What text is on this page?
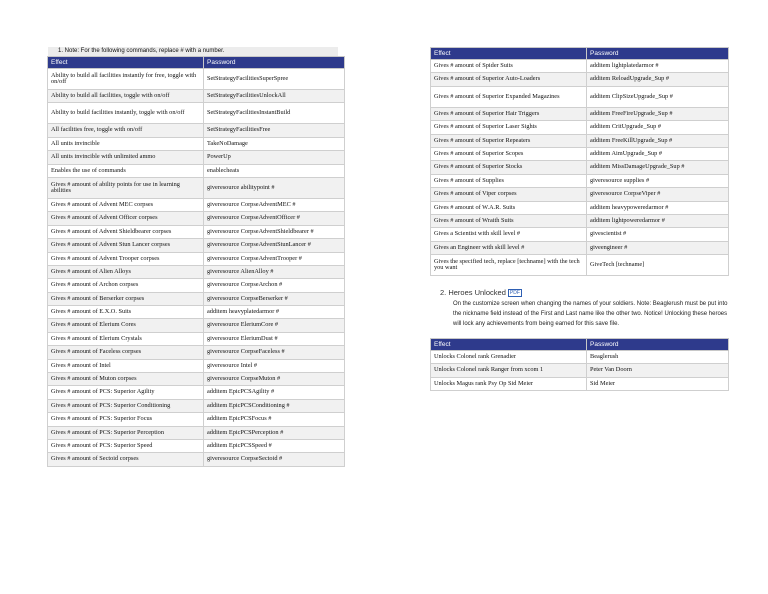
1. Note: For the following commands, replace # with a number.
Effect	Password
Ability to build all facilities instantly for free, toggle with on/off	SetStrategyFacilitiesSuperSpree
Ability to build all facilities, toggle with on/off	SetStrategyFacilitiesUnlockAll
Ability to build facilities instantly, toggle with on/off	SetStrategyFacilitiesInstantBuild
All facilities free, toggle with on/off	SetStrategyFacilitiesFree
All units invincible	TakeNoDamage
All units invincible with unlimited ammo	PowerUp
Enables the use of commands	enablecheats
Gives # amount of ability points for use in learning abilities	giveresource abilitypoint #
Gives # amount of Advent MEC corpses	giveresource CorpseAdventMEC #
Gives # amount of Advent Officer corpses	giveresource CorpseAdventOfficer #
Gives # amount of Advent Shieldbearer corpses	giveresource CorpseAdventShieldbearer #
Gives # amount of Advent Stun Lancer corpses	giveresource CorpseAdventStunLancer #
Gives # amount of Advent Trooper corpses	giveresource CorpseAdventTrooper #
Gives # amount of Alien Alloys	giveresource AlienAlloy #
Gives # amount of Archon corpses	giveresource CorpseArchon #
Gives # amount of Berserker corpses	giveresource CorpseBerserker #
Gives # amount of E.X.O. Suits	additem heavyplatedarmor #
Gives # amount of Elerium Cores	giveresource EleriumCore #
Gives # amount of Elerium Crystals	giveresource EleriumDust #
Gives # amount of Faceless corpses	giveresource CorpseFaceless #
Gives # amount of Intel	giveresource Intel #
Gives # amount of Muton corpses	giveresource CorpseMuton #
Gives # amount of PCS: Superior Agility	additem EpicPCSAgility #
Gives # amount of PCS: Superior Conditioning	additem EpicPCSConditioning #
Gives # amount of PCS: Superior Focus	additem EpicPCSFocus #
Gives # amount of PCS: Superior Perception	additem EpicPCSPerception #
Gives # amount of PCS: Superior Speed	additem EpicPCSSpeed #
Gives # amount of Sectoid corpses	giveresource CorpseSectoid #
Effect	Password
Gives # amount of Spider Suits	additem lightplatedarmor #
Gives # amount of Superior Auto-Loaders	additem ReloadUpgrade_Sup #
Gives # amount of Superior Expanded Magazines	additem ClipSizeUpgrade_Sup #
Gives # amount of Superior Hair Triggers	additem FreeFireUpgrade_Sup #
Gives # amount of Superior Laser Sights	additem CritUpgrade_Sup #
Gives # amount of Superior Repeaters	additem FreeKillUpgrade_Sup #
Gives # amount of Superior Scopes	additem AimUpgrade_Sup #
Gives # amount of Superior Stocks	additem MissDamageUpgrade_Sup #
Gives # amount of Supplies	giveresource supplies #
Gives # amount of Viper corpses	giveresource CorpseViper #
Gives # amount of W.A.R. Suits	additem heavypoweredarmor #
Gives # amount of Wraith Suits	additem lightpoweredarmor #
Gives a Scientist with skill level #	givescientist #
Gives an Engineer with skill level #	giveengineer #
Gives the specified tech, replace [techname] with the tech you want	GiveTech [techname]
2. Heroes Unlocked PDF
On the customize screen when changing the names of your soldiers. Note: Beaglerush must be put into the nickname field instead of the First and Last name like the other two. Notice! Unlocking these heroes will lock any achievements from being earned for this save file.
Effect	Password
Unlocks Colonel rank Grenadier	Beaglerush
Unlocks Colonel rank Ranger from xcom 1	Peter Van Doorn
Unlocks Magus rank Psy Op Sid Meier	Sid Meier
